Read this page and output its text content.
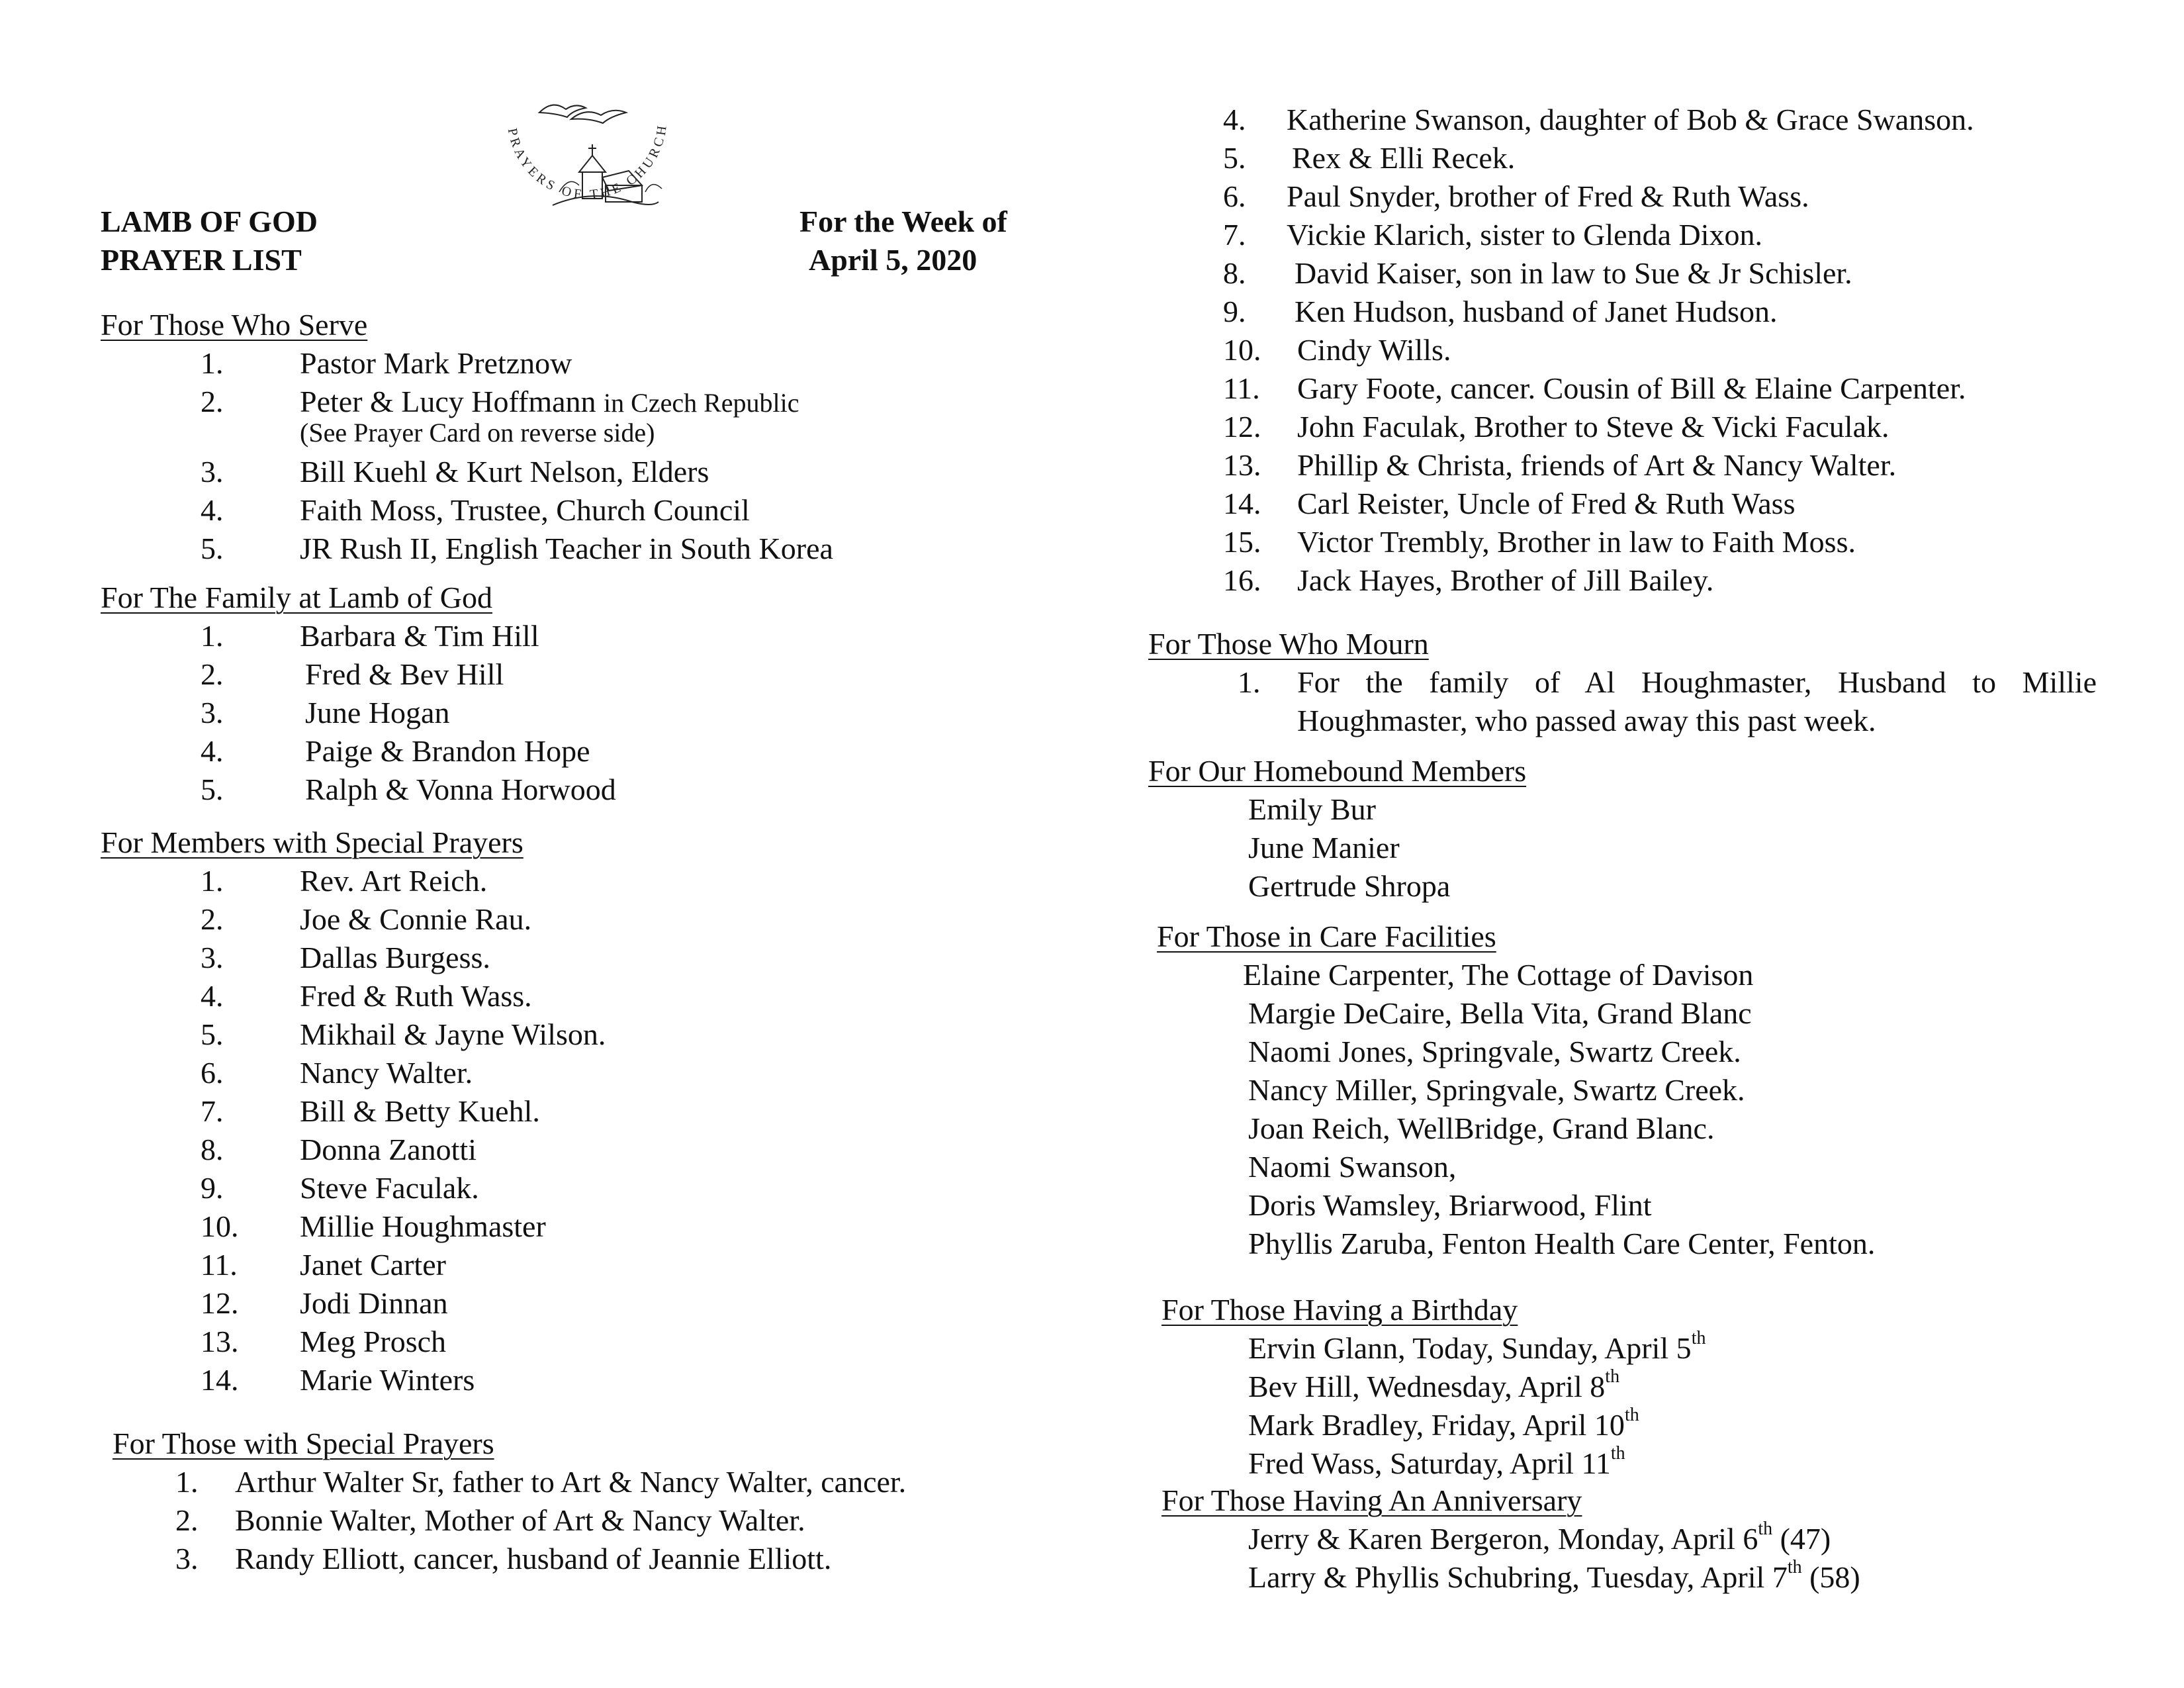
LAMB OF GOD
PRAYER LIST
For the Week of
April 5, 2020
PRAYERS OF THE CHURCH
For Those Who Serve
1.	Pastor Mark Pretznow
2.	Peter & Lucy Hoffmann in Czech Republic
(See Prayer Card on reverse side)
3.	Bill Kuehl & Kurt Nelson, Elders
4.	Faith Moss, Trustee, Church Council
5.	JR Rush II, English Teacher in South Korea
For The Family at Lamb of God
1.	Barbara & Tim Hill
2.	Fred & Bev Hill
3.	June Hogan
4.	Paige & Brandon Hope
5.	Ralph & Vonna Horwood
For Members with Special Prayers
1.	Rev. Art Reich.
2.	Joe & Connie Rau.
3.	Dallas Burgess.
4.	Fred & Ruth Wass.
5.	Mikhail & Jayne Wilson.
6.	Nancy Walter.
7.	Bill & Betty Kuehl.
8.	Donna Zanotti
9.	Steve Faculak.
10. Millie Houghmaster
11. Janet Carter
12. Jodi Dinnan
13. Meg Prosch
14. Marie Winters
For Those with Special Prayers
1. Arthur Walter Sr, father to Art & Nancy Walter, cancer.
2. Bonnie Walter, Mother of Art & Nancy Walter.
3. Randy Elliott, cancer, husband of Jeannie Elliott.
4. Katherine Swanson, daughter of Bob & Grace Swanson.
5. Rex & Elli Recek.
6. Paul Snyder, brother of Fred & Ruth Wass.
7. Vickie Klarich, sister to Glenda Dixon.
8. David Kaiser, son in law to Sue & Jr Schisler.
9. Ken Hudson, husband of Janet Hudson.
10. Cindy Wills.
11. Gary Foote, cancer. Cousin of Bill & Elaine Carpenter.
12. John Faculak, Brother to Steve & Vicki Faculak.
13. Phillip & Christa, friends of Art & Nancy Walter.
14. Carl Reister, Uncle of Fred & Ruth Wass
15. Victor Trembly, Brother in law to Faith Moss.
16. Jack Hayes, Brother of Jill Bailey.
For Those Who Mourn
1. For the family of Al Houghmaster, Husband to Millie
Houghmaster, who passed away this past week.
For Our Homebound Members
Emily Bur
June Manier
Gertrude Shropa
For Those in Care Facilities
Elaine Carpenter, The Cottage of Davison
Margie DeCaire, Bella Vita, Grand Blanc
Naomi Jones, Springvale, Swartz Creek.
Nancy Miller, Springvale, Swartz Creek.
Joan Reich, WellBridge, Grand Blanc.
Naomi Swanson,
Doris Wamsley, Briarwood, Flint
Phyllis Zaruba, Fenton Health Care Center, Fenton.
For Those Having a Birthday
Ervin Glann, Today, Sunday, April 5th
Bev Hill, Wednesday, April 8th
Mark Bradley, Friday, April 10th
Fred Wass, Saturday, April 11th
For Those Having An Anniversary
Jerry & Karen Bergeron, Monday, April 6th (47)
Larry & Phyllis Schubring, Tuesday, April 7th (58)
